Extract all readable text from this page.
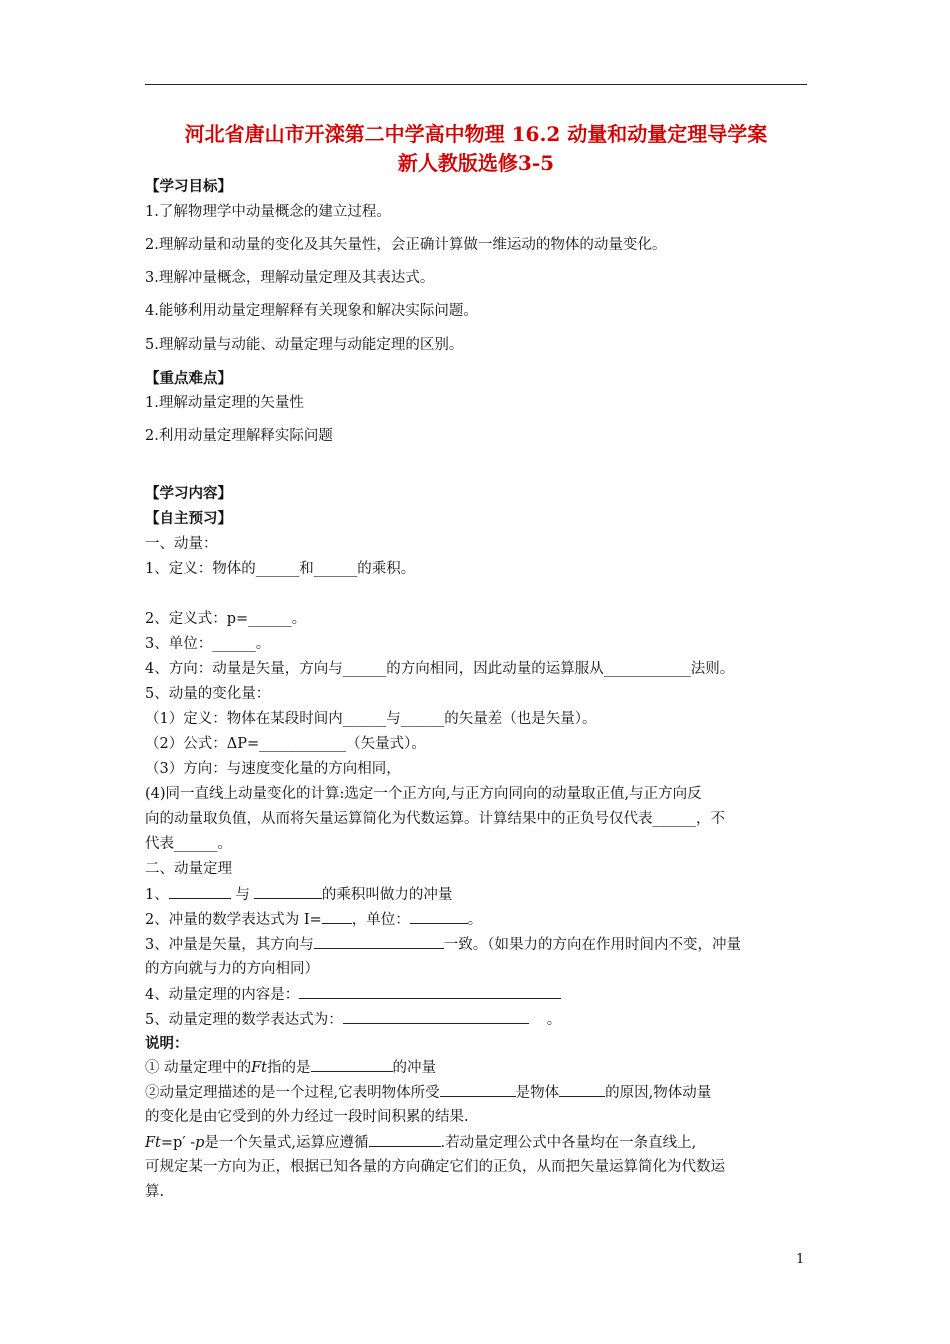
河北省唐山市开滦第二中学高中物理 16.2 动量和动量定理导学案
新人教版选修3-5
【学习目标】
1.了解物理学中动量概念的建立过程。
2.理解动量和动量的变化及其矢量性，会正确计算做一维运动的物体的动量变化。
3.理解冲量概念，理解动量定理及其表达式。
4.能够利用动量定理解释有关现象和解决实际问题。
5.理解动量与动能、动量定理与动能定理的区别。
【重点难点】
1.理解动量定理的矢量性
2.利用动量定理解释实际问题
【学习内容】
【自主预习】
一、动量：
1、定义：物体的______和______的乘积。
2、定义式：p=______。
3、单位：______。
4、方向：动量是矢量，方向与______的方向相同，因此动量的运算服从____________法则。
5、动量的变化量：
（1）定义：物体在某段时间内______与______的矢量差（也是矢量）。
（2）公式：ΔP=____________（矢量式）。
（3）方向：与速度变化量的方向相同，
(4)同一直线上动量变化的计算:选定一个正方向,与正方向同向的动量取正值,与正方向反
向的动量取负值，从而将矢量运算简化为代数运算。计算结果中的正负号仅代表______，不
代表______。
二、动量定理
1、	与	的乘积叫做力的冲量
2、冲量的数学表达式为 I= ，单位：	。
3、冲量是矢量，其方向与	一致。（如果力的方向在作用时间内不变，冲量
的方向就与力的方向相同）
4、动量定理的内容是：
5、动量定理的数学表达式为：	。
说明：
① 动量定理中的Ft指的是	的冲量
②动量定理描述的是一个过程,它表明物体所受	是物体	的原因,物体动量
的变化是由它受到的外力经过一段时间积累的结果.
Ft=p′ -p是一个矢量式,运算应遵循	.若动量定理公式中各量均在一条直线上,
可规定某一方向为正，根据已知各量的方向确定它们的正负，从而把矢量运算简化为代数运
算.
1
